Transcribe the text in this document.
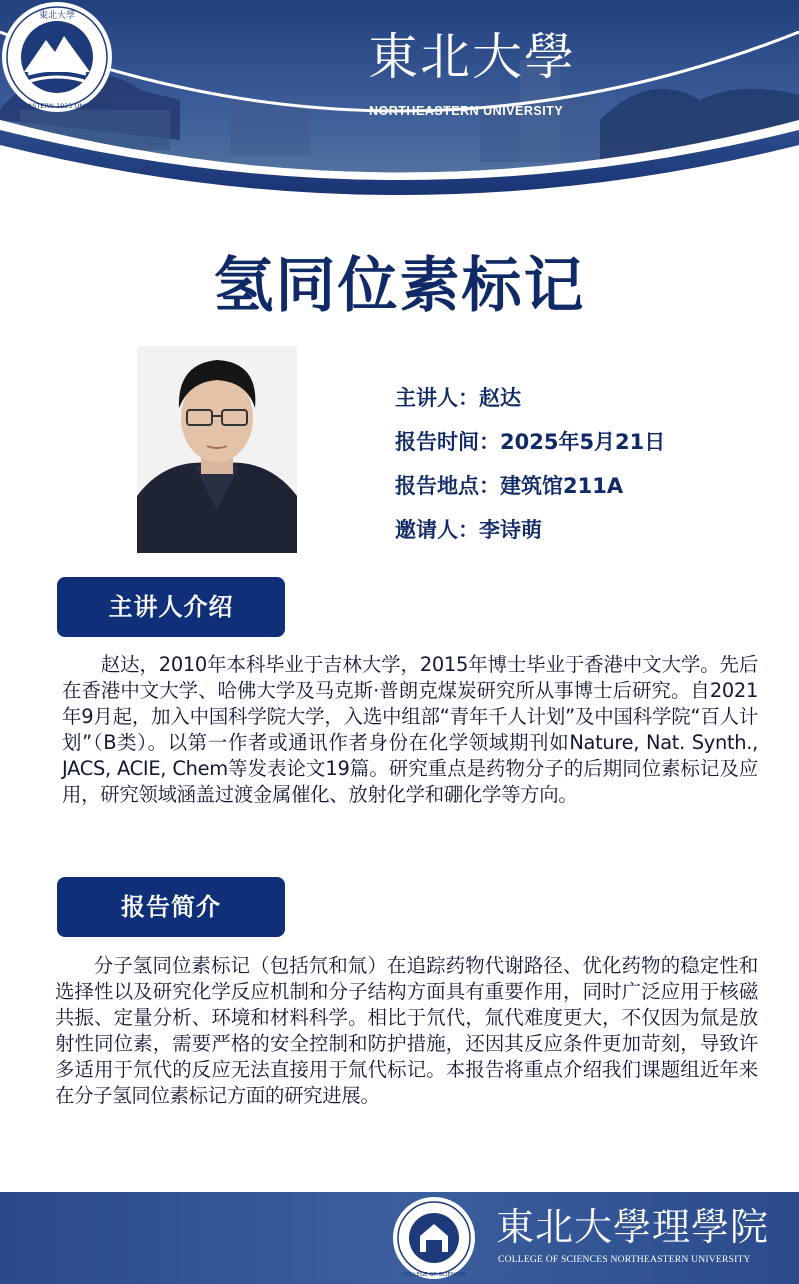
東北大學
NORTHEASTERN 1923 UNIVERSITY
東北大學
NORTHEASTERN UNIVERSITY
氢同位素标记
主讲人：赵达
报告时间：2025年5月21日
报告地点：建筑馆211A
邀请人：李诗萌
主讲人介绍
赵达，2010年本科毕业于吉林大学，2015年博士毕业于香港中文大学。先后在香港中文大学、哈佛大学及马克斯·普朗克煤炭研究所从事博士后研究。自2021年9月起，加入中国科学院大学，入选中组部“青年千人计划”及中国科学院“百人计划”（B类）。以第一作者或通讯作者身份在化学领域期刊如Nature, Nat. Synth., JACS, ACIE, Chem等发表论文19篇。研究重点是药物分子的后期同位素标记及应用，研究领域涵盖过渡金属催化、放射化学和硼化学等方向。
报告简介
分子氢同位素标记（包括氘和氚）在追踪药物代谢路径、优化药物的稳定性和选择性以及研究化学反应机制和分子结构方面具有重要作用，同时广泛应用于核磁共振、定量分析、环境和材料科学。相比于氘代，氚代难度更大，不仅因为氚是放射性同位素，需要严格的安全控制和防护措施，还因其反应条件更加苛刻，导致许多适用于氘代的反应无法直接用于氚代标记。本报告将重点介绍我们课题组近年来在分子氢同位素标记方面的研究进展。
COLLEGE OF SCIENCES
東北大學理學院
COLLEGE OF SCIENCES NORTHEASTERN UNIVERSITY
